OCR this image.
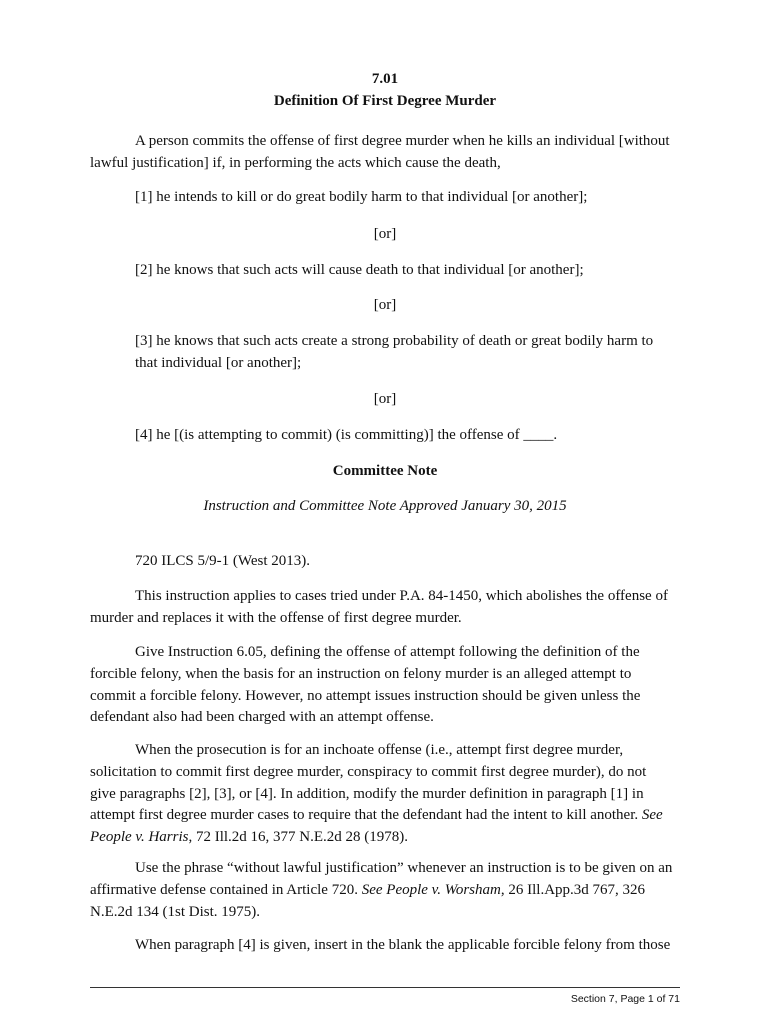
7.01

Definition Of First Degree Murder

A person commits the offense of first degree murder when he kills an individual [without
lawful justification] if, in performing the acts which cause the death,

[1] he intends to kill or do great bodily harm to that individual [or another];

[or]

[2] he knows that such acts will cause death to that individual [or another];

[or]

[3] he knows that such acts create a strong probability of death or great bodily harm to
that individual [or another];

[or]

[4] he [(is attempting to commit) (is committing)] the offense of ____.

Committee Note

Instruction and Committee Note Approved January 30, 2015

720 ILCS 5/9-1 (West 2013).

This instruction applies to cases tried under P.A. 84-1450, which abolishes the offense of
murder and replaces it with the offense of first degree murder.
Give Instruction 6.05, defining the offense of attempt following the definition of the
forcible felony, when the basis for an instruction on felony murder is an alleged attempt to
commit a forcible felony. However, no attempt issues instruction should be given unless the
defendant also had been charged with an attempt offense.
When the prosecution is for an inchoate offense (i.e., attempt first degree murder,
solicitation to commit first degree murder, conspiracy to commit first degree murder), do not
give paragraphs [2], [3], or [4]. In addition, modify the murder definition in paragraph [1] in
attempt first degree murder cases to require that the defendant had the intent to kill another. See
People v. Harris, 72 Ill.2d 16, 377 N.E.2d 28 (1978).
Use the phrase “without lawful justification” whenever an instruction is to be given on an
affirmative defense contained in Article 720. See People v. Worsham, 26 Ill.App.3d 767, 326
N.E.2d 134 (1st Dist. 1975).
When paragraph [4] is given, insert in the blank the applicable forcible felony from those
Section 7, Page 1 of 71
